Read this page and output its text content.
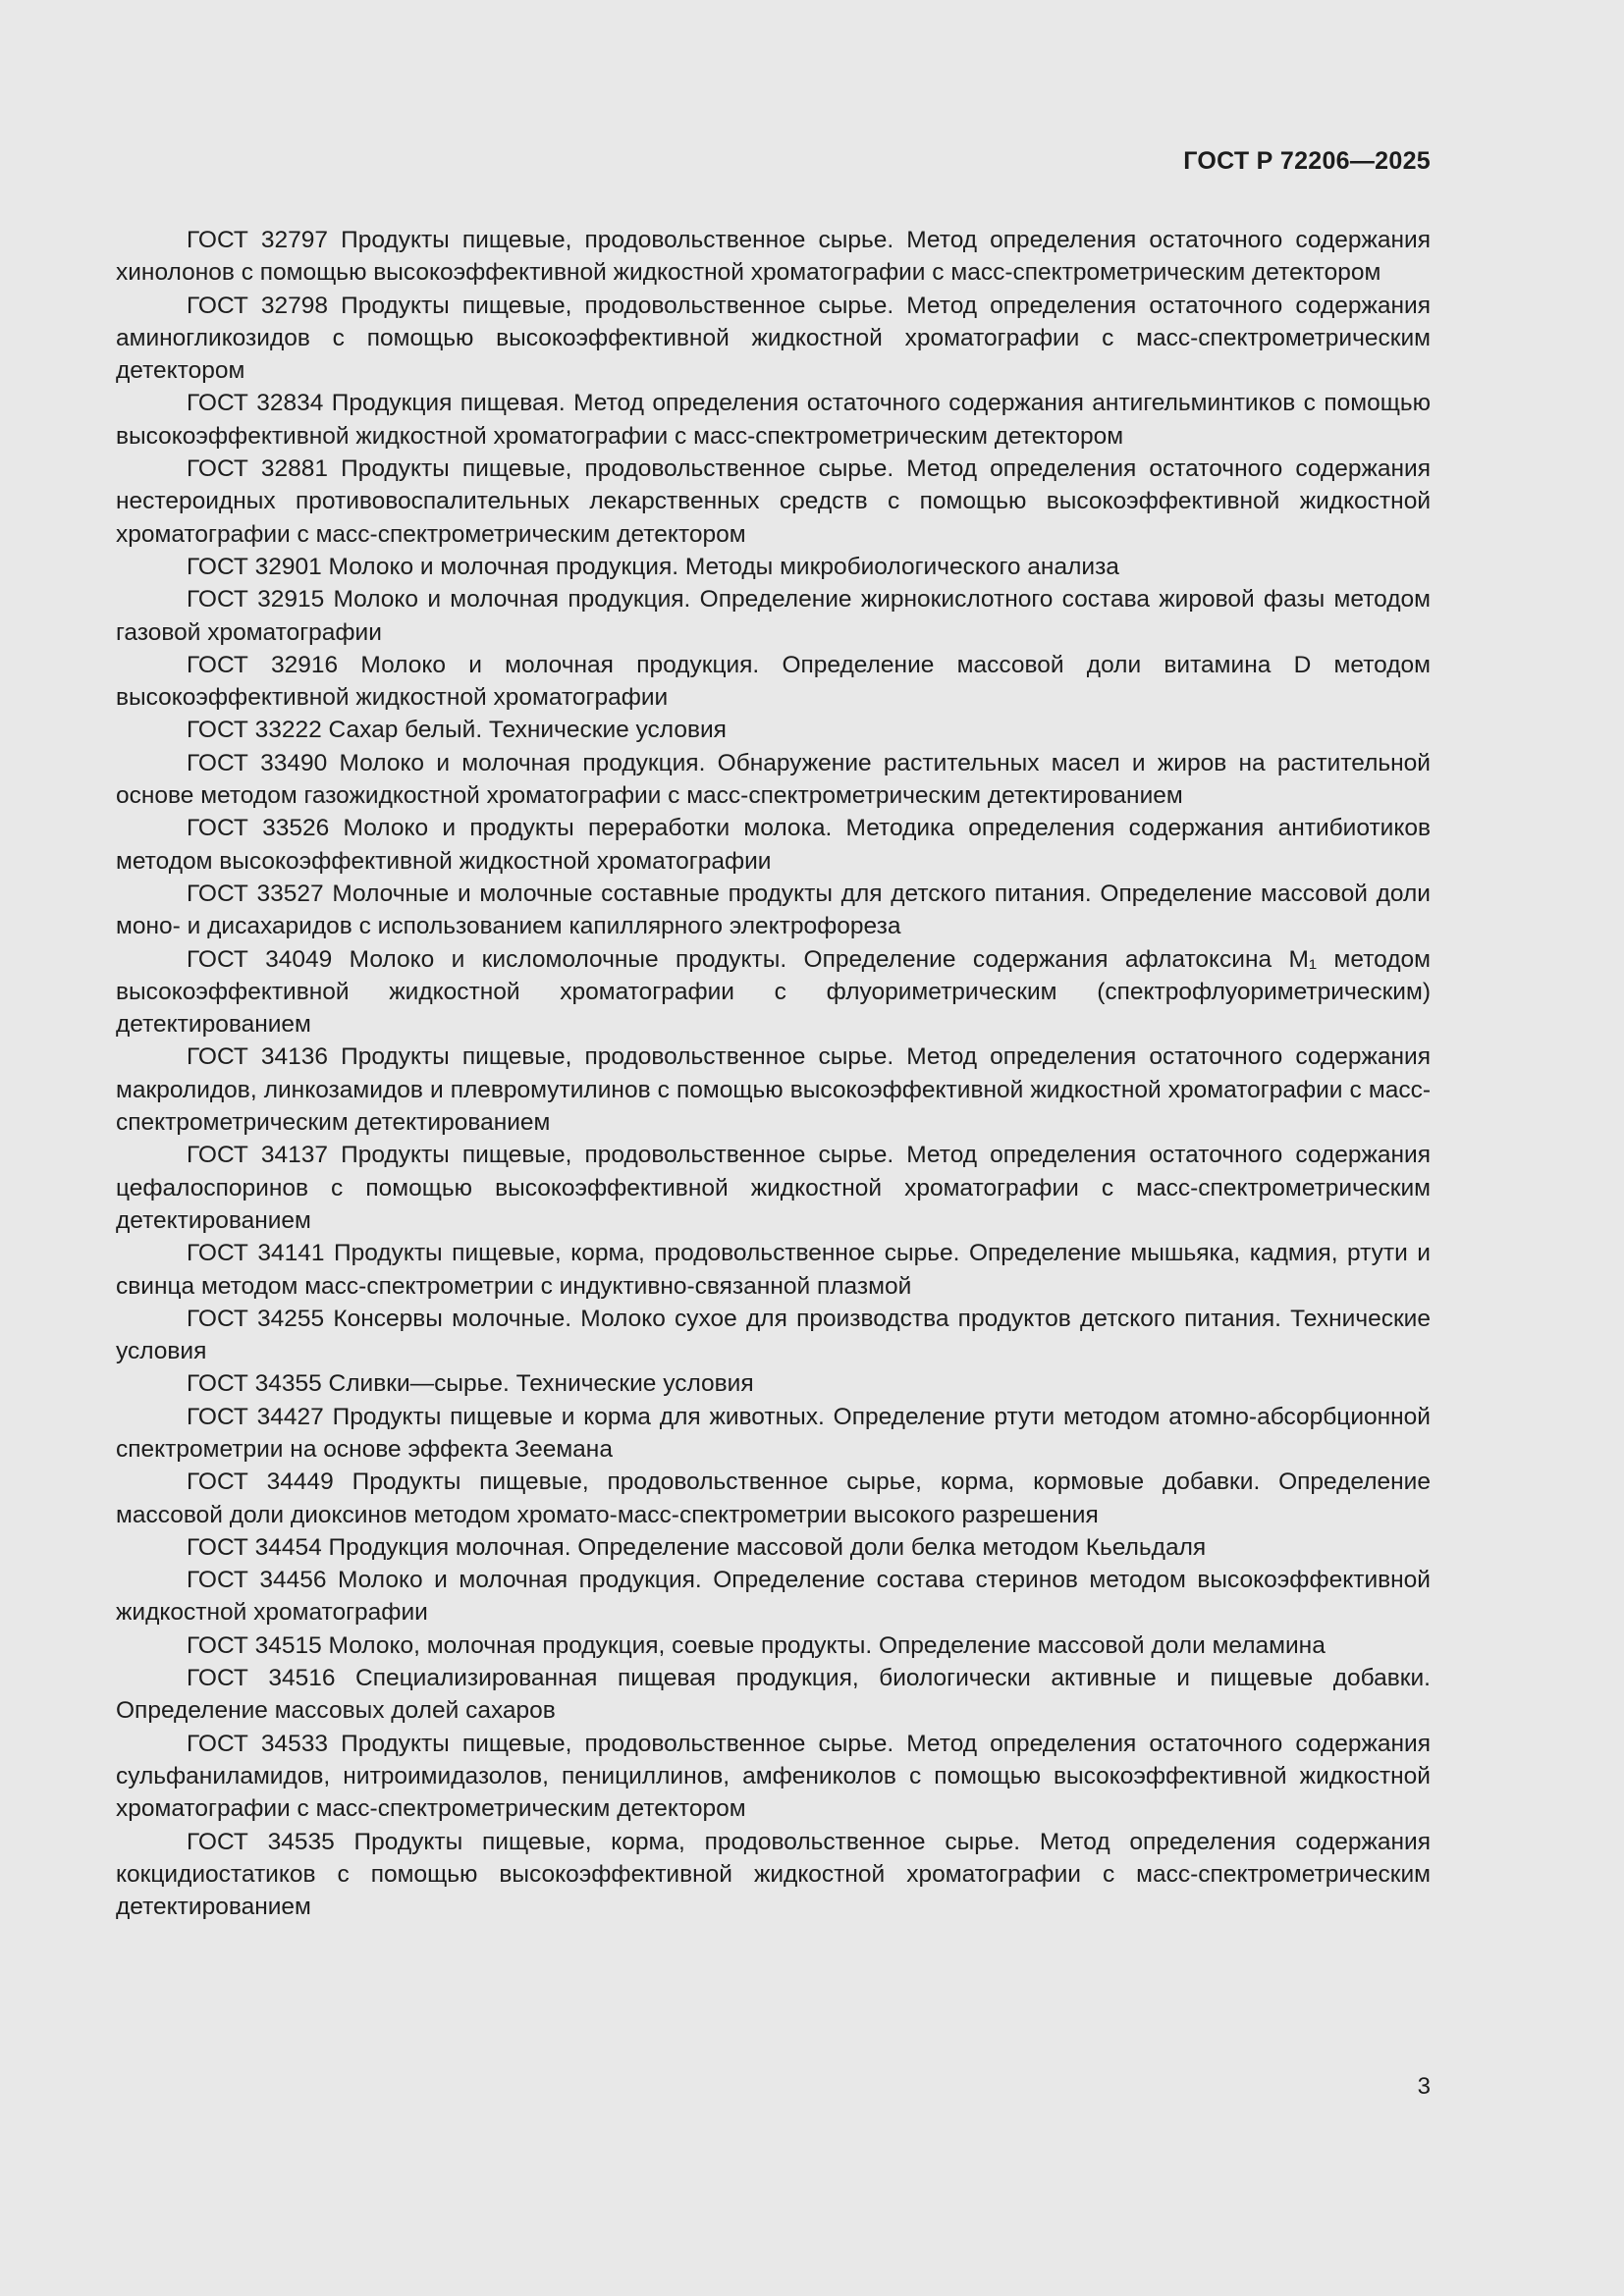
ГОСТ Р 72206—2025
ГОСТ 32797 Продукты пищевые, продовольственное сырье. Метод определения остаточного содержания хинолонов с помощью высокоэффективной жидкостной хроматографии с масс-спектрометрическим детектором
ГОСТ 32798 Продукты пищевые, продовольственное сырье. Метод определения остаточного содержания аминогликозидов с помощью высокоэффективной жидкостной хроматографии с масс-спектрометрическим детектором
ГОСТ 32834 Продукция пищевая. Метод определения остаточного содержания антигельминтиков с помощью высокоэффективной жидкостной хроматографии с масс-спектрометрическим детектором
ГОСТ 32881 Продукты пищевые, продовольственное сырье. Метод определения остаточного содержания нестероидных противовоспалительных лекарственных средств с помощью высокоэффективной жидкостной хроматографии с масс-спектрометрическим детектором
ГОСТ 32901 Молоко и молочная продукция. Методы микробиологического анализа
ГОСТ 32915 Молоко и молочная продукция. Определение жирнокислотного состава жировой фазы методом газовой хроматографии
ГОСТ 32916 Молоко и молочная продукция. Определение массовой доли витамина D методом высокоэффективной жидкостной хроматографии
ГОСТ 33222 Сахар белый. Технические условия
ГОСТ 33490 Молоко и молочная продукция. Обнаружение растительных масел и жиров на растительной основе методом газожидкостной хроматографии с масс-спектрометрическим детектированием
ГОСТ 33526 Молоко и продукты переработки молока. Методика определения содержания антибиотиков методом высокоэффективной жидкостной хроматографии
ГОСТ 33527 Молочные и молочные составные продукты для детского питания. Определение массовой доли моно- и дисахаридов с использованием капиллярного электрофореза
ГОСТ 34049 Молоко и кисломолочные продукты. Определение содержания афлатоксина M₁ методом высокоэффективной жидкостной хроматографии с флуориметрическим (спектрофлуориметрическим) детектированием
ГОСТ 34136 Продукты пищевые, продовольственное сырье. Метод определения остаточного содержания макролидов, линкозамидов и плевромутилинов с помощью высокоэффективной жидкостной хроматографии с масс-спектрометрическим детектированием
ГОСТ 34137 Продукты пищевые, продовольственное сырье. Метод определения остаточного содержания цефалоспоринов с помощью высокоэффективной жидкостной хроматографии с масс-спектрометрическим детектированием
ГОСТ 34141 Продукты пищевые, корма, продовольственное сырье. Определение мышьяка, кадмия, ртути и свинца методом масс-спектрометрии с индуктивно-связанной плазмой
ГОСТ 34255 Консервы молочные. Молоко сухое для производства продуктов детского питания. Технические условия
ГОСТ 34355 Сливки—сырье. Технические условия
ГОСТ 34427 Продукты пищевые и корма для животных. Определение ртути методом атомно-абсорбционной спектрометрии на основе эффекта Зеемана
ГОСТ 34449 Продукты пищевые, продовольственное сырье, корма, кормовые добавки. Определение массовой доли диоксинов методом хромато-масс-спектрометрии высокого разрешения
ГОСТ 34454 Продукция молочная. Определение массовой доли белка методом Кьельдаля
ГОСТ 34456 Молоко и молочная продукция. Определение состава стеринов методом высокоэффективной жидкостной хроматографии
ГОСТ 34515 Молоко, молочная продукция, соевые продукты. Определение массовой доли меламина
ГОСТ 34516 Специализированная пищевая продукция, биологически активные и пищевые добавки. Определение массовых долей сахаров
ГОСТ 34533 Продукты пищевые, продовольственное сырье. Метод определения остаточного содержания сульфаниламидов, нитроимидазолов, пенициллинов, амфениколов с помощью высокоэффективной жидкостной хроматографии с масс-спектрометрическим детектором
ГОСТ 34535 Продукты пищевые, корма, продовольственное сырье. Метод определения содержания кокцидиостатиков с помощью высокоэффективной жидкостной хроматографии с масс-спектрометрическим детектированием
3
